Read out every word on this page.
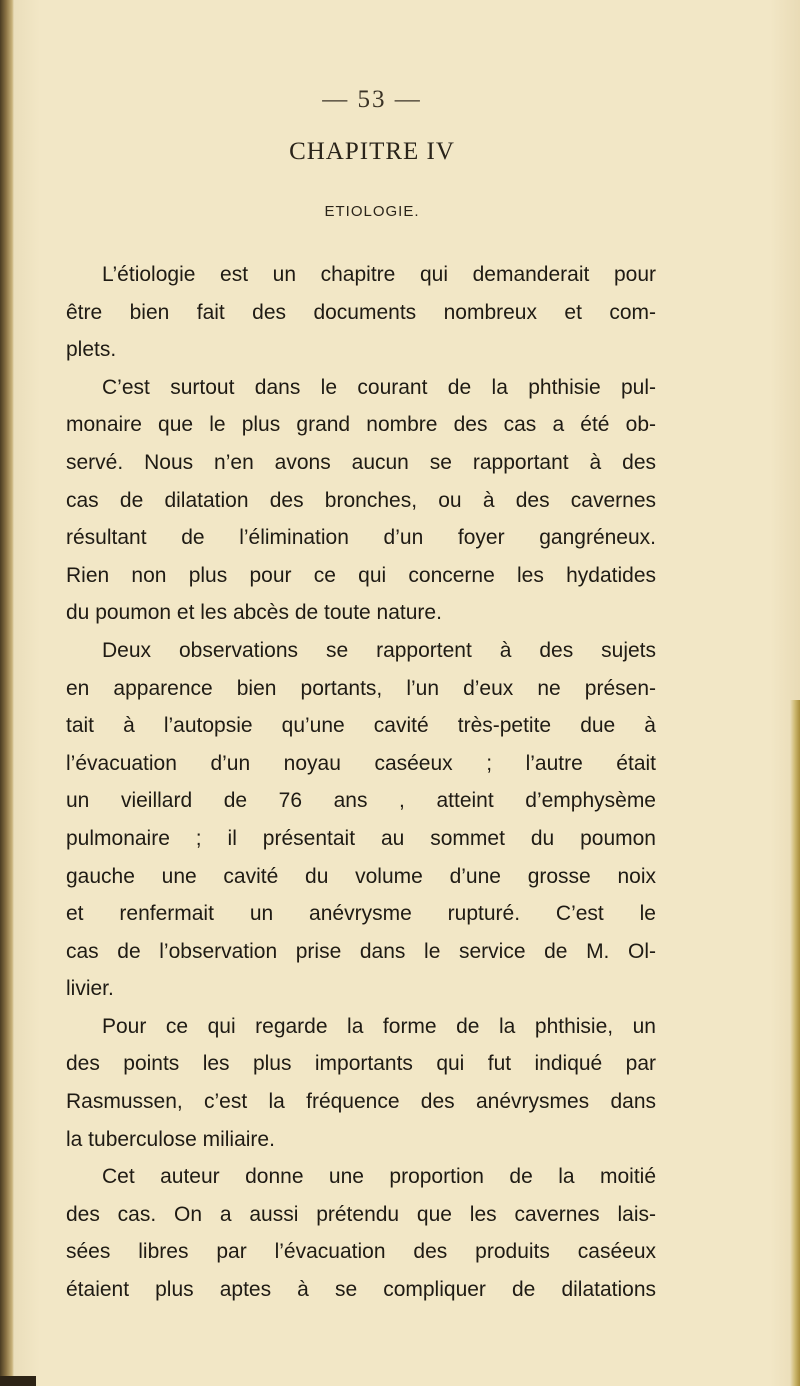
— 53 —
CHAPITRE IV
ETIOLOGIE.
L’étiologie est un chapitre qui demanderait pour
être bien fait des documents nombreux et com-
plets.
C’est surtout dans le courant de la phthisie pul-
monaire que le plus grand nombre des cas a été ob-
servé. Nous n’en avons aucun se rapportant à des
cas de dilatation des bronches, ou à des cavernes
résultant de l’élimination d’un foyer gangréneux.
Rien non plus pour ce qui concerne les hydatides
du poumon et les abcès de toute nature.
Deux observations se rapportent à des sujets
en apparence bien portants, l’un d’eux ne présen-
tait à l’autopsie qu’une cavité très-petite due à
l’évacuation d’un noyau caséeux ; l’autre était
un vieillard de 76 ans , atteint d’emphysème
pulmonaire ; il présentait au sommet du poumon
gauche une cavité du volume d’une grosse noix
et renfermait un anévrysme rupturé. C’est le
cas de l’observation prise dans le service de M. Ol-
livier.
Pour ce qui regarde la forme de la phthisie, un
des points les plus importants qui fut indiqué par
Rasmussen, c’est la fréquence des anévrysmes dans
la tuberculose miliaire.
Cet auteur donne une proportion de la moitié
des cas. On a aussi prétendu que les cavernes lais-
sées libres par l’évacuation des produits caséeux
étaient plus aptes à se compliquer de dilatations
